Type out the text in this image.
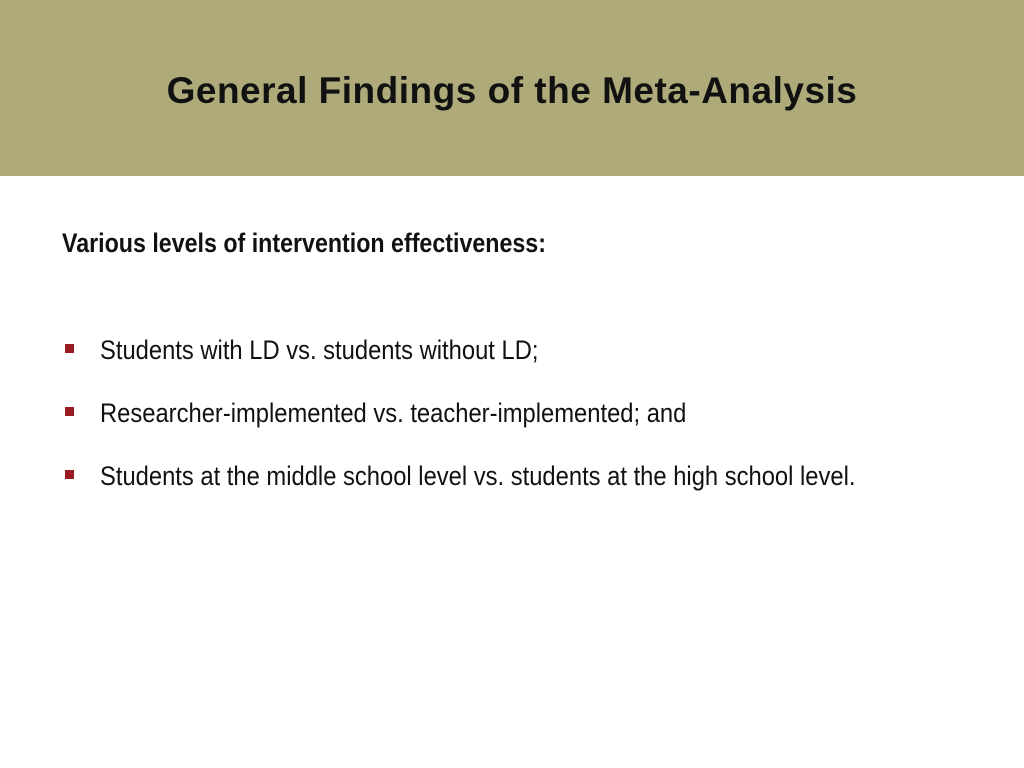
General Findings of the Meta-Analysis
Various levels of intervention effectiveness:
Students with LD vs. students without LD;
Researcher-implemented vs. teacher-implemented; and
Students at the middle school level vs. students at the high school level.
